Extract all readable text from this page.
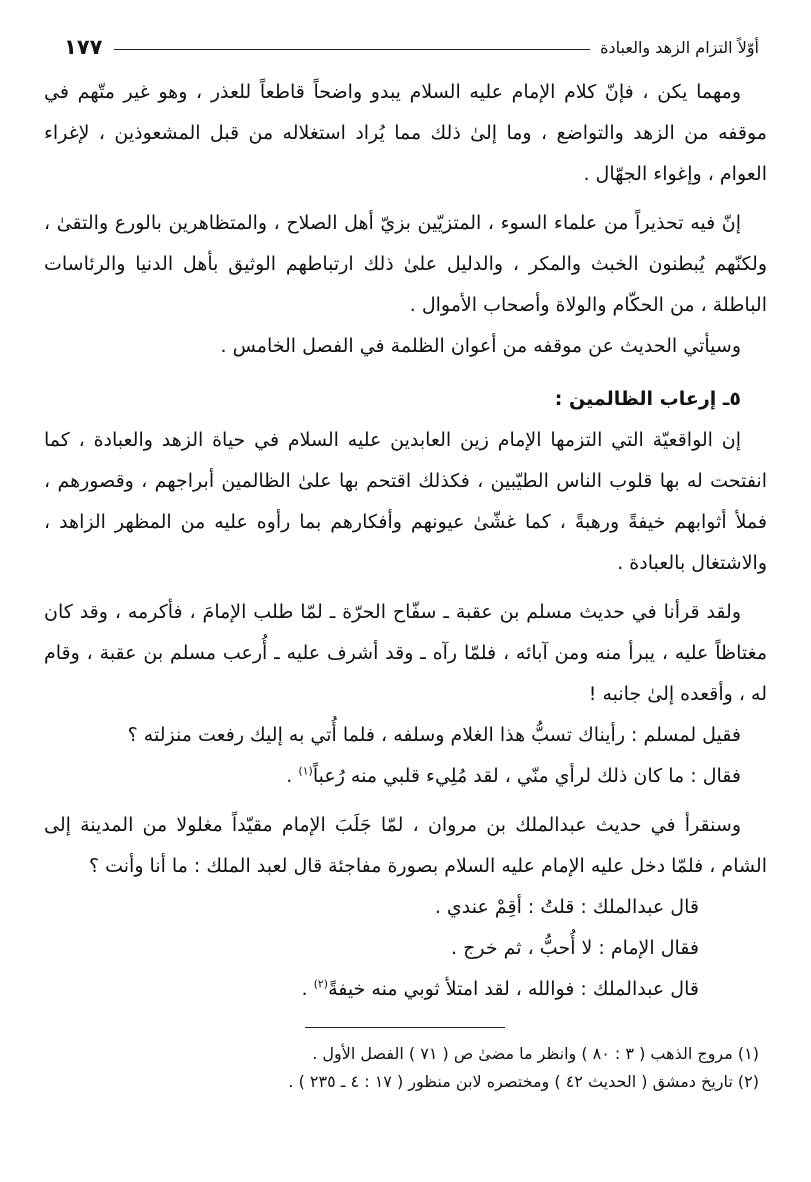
١٧٧	أوّلاً التزام الزهد والعبادة

ومهما يكن ، فإنّ كلام الإمام عليه السلام يبدو واضحاً قاطعاً للعذر ، وهو غير متّهم في موقفه من الزهد والتواضع ، وما إلىٰ ذلك مما يُراد استغلاله من قبل المشعوذين ، لإغراء العوام ، وإغواء الجهّال .

إنّ فيه تحذيراً من علماء السوء ، المتزيّين بزيّ أهل الصلاح ، والمتظاهرين بالورع والتقىٰ ، ولكنّهم يُبطنون الخبث والمكر ، والدليل علىٰ ذلك ارتباطهم الوثيق بأهل الدنيا والرئاسات الباطلة ، من الحكّام والولاة وأصحاب الأموال .

وسيأتي الحديث عن موقفه من أعوان الظلمة في الفصل الخامس .

٥ـ إرعاب الظالمين :

إن الواقعيّة التي التزمها الإمام زين العابدين عليه السلام في حياة الزهد والعبادة ، كما انفتحت له بها قلوب الناس الطيّبين ، فكذلك اقتحم بها علىٰ الظالمين أبراجهم ، وقصورهم ، فملأ أثوابهم خيفةً ورهبةً ، كما غشّىٰ عيونهم وأفكارهم بما رأوه عليه من المظهر الزاهد ، والاشتغال بالعبادة .

ولقد قرأنا في حديث مسلم بن عقبة ـ سفّاح الحرّة ـ لمّا طلب الإمامَ ، فأكرمه ، وقد كان مغتاظاً عليه ، يبرأ منه ومن آبائه ، فلمّا رآه ـ وقد أشرف عليه ـ أُرعب مسلم بن عقبة ، وقام له ، وأقعده إلىٰ جانبه !

فقيل لمسلم : رأيناك تسبُّ هذا الغلام وسلفه ، فلما أُتي به إليك رفعت منزلته ؟

فقال : ما كان ذلك لرأي منّي ، لقد مُلِيء قلبي منه رُعباً$^{(١)}$ .

وسنقرأ في حديث عبدالملك بن مروان ، لمّا جَلَبَ الإمام مقيّداً مغلولا من المدينة إلى الشام ، فلمّا دخل عليه الإمام عليه السلام بصورة مفاجئة قال لعبد الملك : ما أنا وأنت ؟

قال عبدالملك : قلتُ : أقِمْ عندي .

فقال الإمام : لا أُحبُّ ، ثم خرج .

قال عبدالملك : فوالله ، لقد امتلأ ثوبي منه خيفةً$^{(٢)}$ .

(١) مروج الذهب ( ٣ : ٨٠ ) وانظر ما مضىٰ ص ( ٧١ ) الفصل الأول .

(٢) تاريخ دمشق ( الحديث ٤٢ ) ومختصره لابن منظور ( ١٧ : ٤ ـ ٢٣٥ ) .
